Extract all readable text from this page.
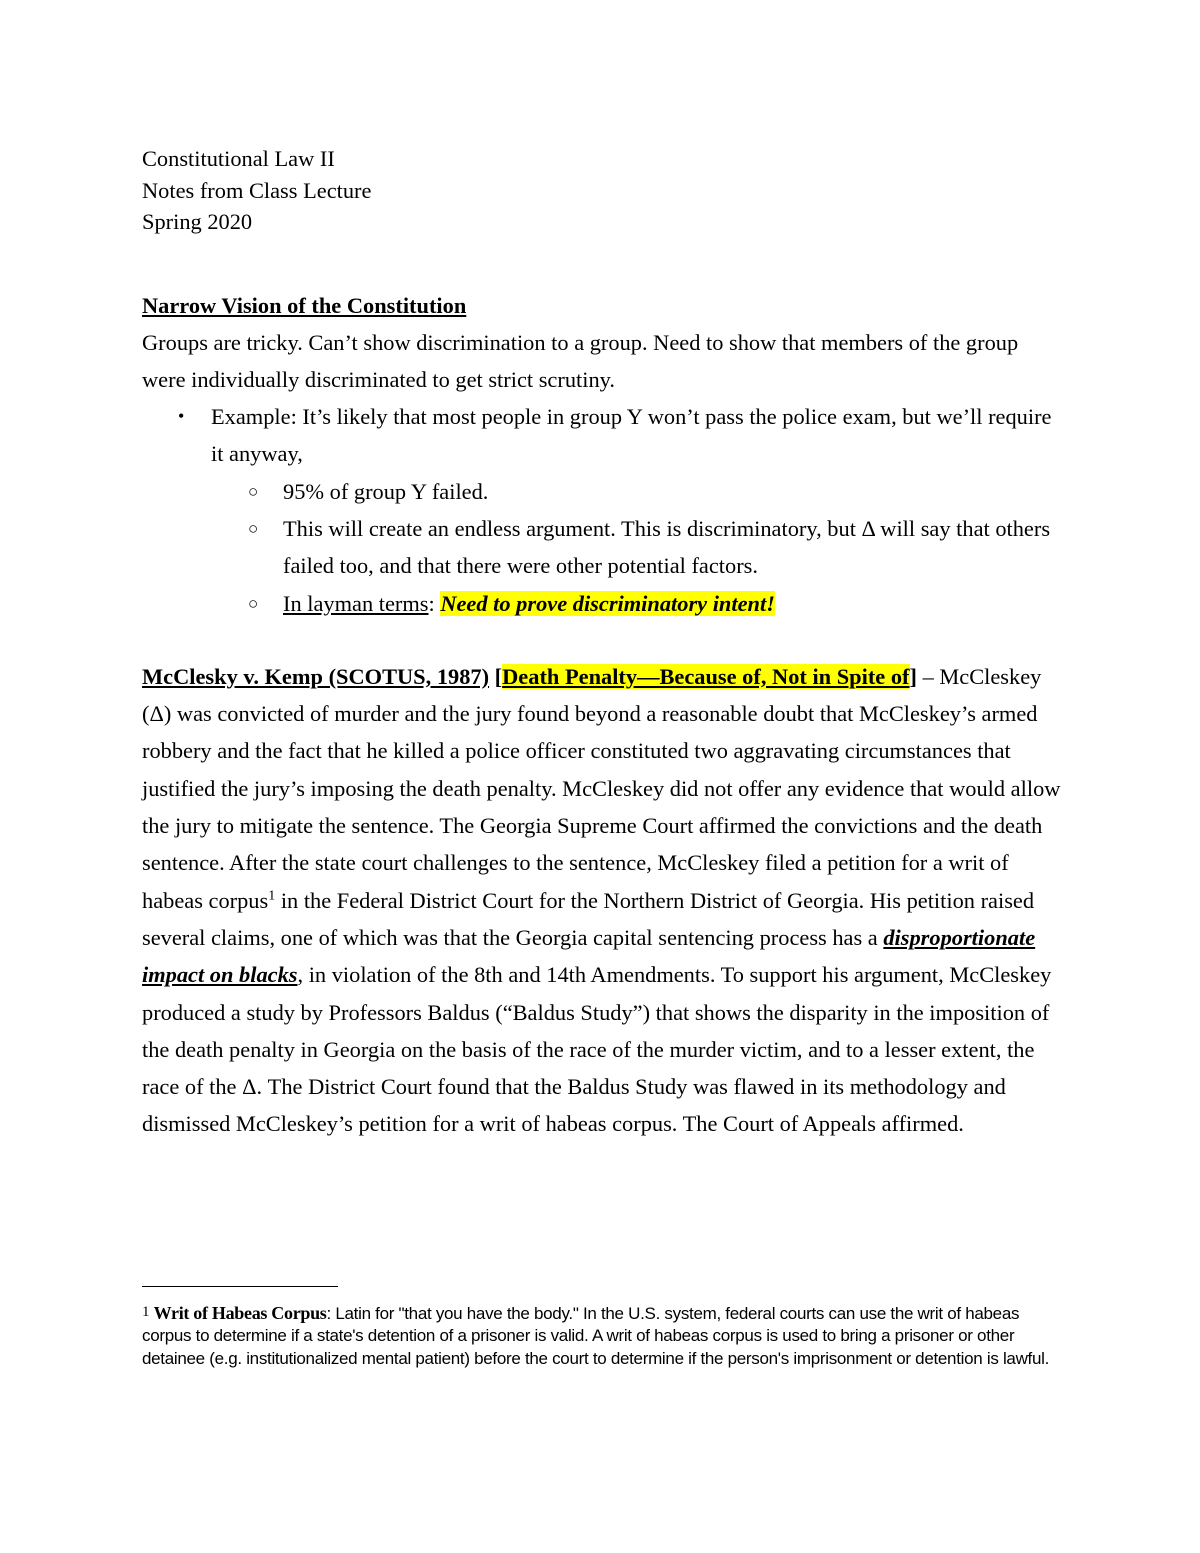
Constitutional Law II
Notes from Class Lecture
Spring 2020
Narrow Vision of the Constitution
Groups are tricky. Can’t show discrimination to a group. Need to show that members of the group were individually discriminated to get strict scrutiny.
• Example: It’s likely that most people in group Y won’t pass the police exam, but we’ll require it anyway,
○ 95% of group Y failed.
○ This will create an endless argument. This is discriminatory, but Δ will say that others failed too, and that there were other potential factors.
○ In layman terms: Need to prove discriminatory intent!
McClesky v. Kemp (SCOTUS, 1987) [Death Penalty—Because of, Not in Spite of] – McCleskey (Δ) was convicted of murder and the jury found beyond a reasonable doubt that McCleskey’s armed robbery and the fact that he killed a police officer constituted two aggravating circumstances that justified the jury’s imposing the death penalty. McCleskey did not offer any evidence that would allow the jury to mitigate the sentence. The Georgia Supreme Court affirmed the convictions and the death sentence. After the state court challenges to the sentence, McCleskey filed a petition for a writ of habeas corpus$^1$ in the Federal District Court for the Northern District of Georgia. His petition raised several claims, one of which was that the Georgia capital sentencing process has a disproportionate impact on blacks, in violation of the 8th and 14th Amendments. To support his argument, McCleskey produced a study by Professors Baldus (“Baldus Study”) that shows the disparity in the imposition of the death penalty in Georgia on the basis of the race of the murder victim, and to a lesser extent, the race of the Δ. The District Court found that the Baldus Study was flawed in its methodology and dismissed McCleskey’s petition for a writ of habeas corpus. The Court of Appeals affirmed.
1 Writ of Habeas Corpus: Latin for "that you have the body." In the U.S. system, federal courts can use the writ of habeas corpus to determine if a state's detention of a prisoner is valid. A writ of habeas corpus is used to bring a prisoner or other detainee (e.g. institutionalized mental patient) before the court to determine if the person's imprisonment or detention is lawful.
